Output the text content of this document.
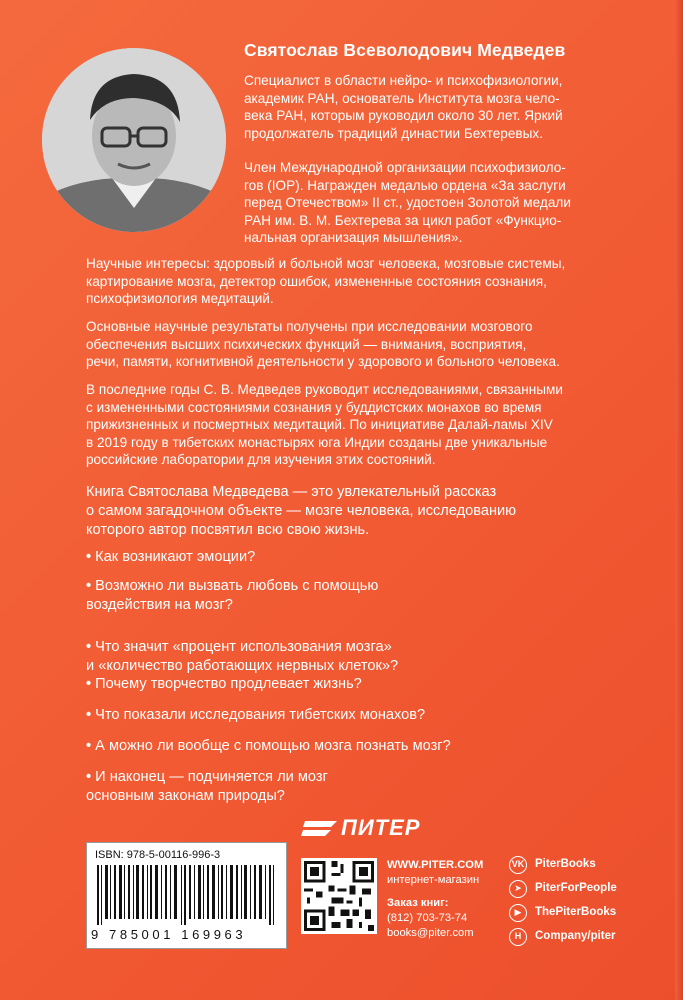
Святослав Всеволодович Медведев

Специалист в области нейро- и психофизиологии,
академик РАН, основатель Института мозга чело-
века РАН, которым руководил около 30 лет. Яркий
продолжатель традиций династии Бехтеревых.

Член Международной организации психофизиоло-
гов (IOP). Награжден медалью ордена «За заслуги
перед Отечеством» II ст., удостоен Золотой медали
РАН им. В. М. Бехтерева за цикл работ «Функцио-
нальная организация мышления».

Научные интересы: здоровый и больной мозг человека, мозговые системы,
картирование мозга, детектор ошибок, измененные состояния сознания,
психофизиология медитаций.

Основные научные результаты получены при исследовании мозгового
обеспечения высших психических функций — внимания, восприятия,
речи, памяти, когнитивной деятельности у здорового и больного человека.

В последние годы С. В. Медведев руководит исследованиями, связанными
с измененными состояниями сознания у буддистских монахов во время
прижизненных и посмертных медитаций. По инициативе Далай-ламы XIV
в 2019 году в тибетских монастырях юга Индии созданы две уникальные
российские лаборатории для изучения этих состояний.

Книга Святослава Медведева — это увлекательный рассказ
о самом загадочном объекте — мозге человека, исследованию
которого автор посвятил всю свою жизнь.

• Как возникают эмоции?
• Возможно ли вызвать любовь с помощью
воздействия на мозг?
• Что значит «процент использования мозга»
и «количество работающих нервных клеток»?
• Почему творчество продлевает жизнь?
• Что показали исследования тибетских монахов?
• А можно ли вообще с помощью мозга познать мозг?
• И наконец — подчиняется ли мозг
основным законам природы?
ПИТЕР
ISBN: 978-5-00116-996-3
9 785001 169963
WWW.PITER.COM
интернет-магазин
Заказ книг:
(812) 703-73-74
books@piter.com
VK PiterBooks
➤	PiterForPeople
▶	ThePiterBooks
H	Company/piter
